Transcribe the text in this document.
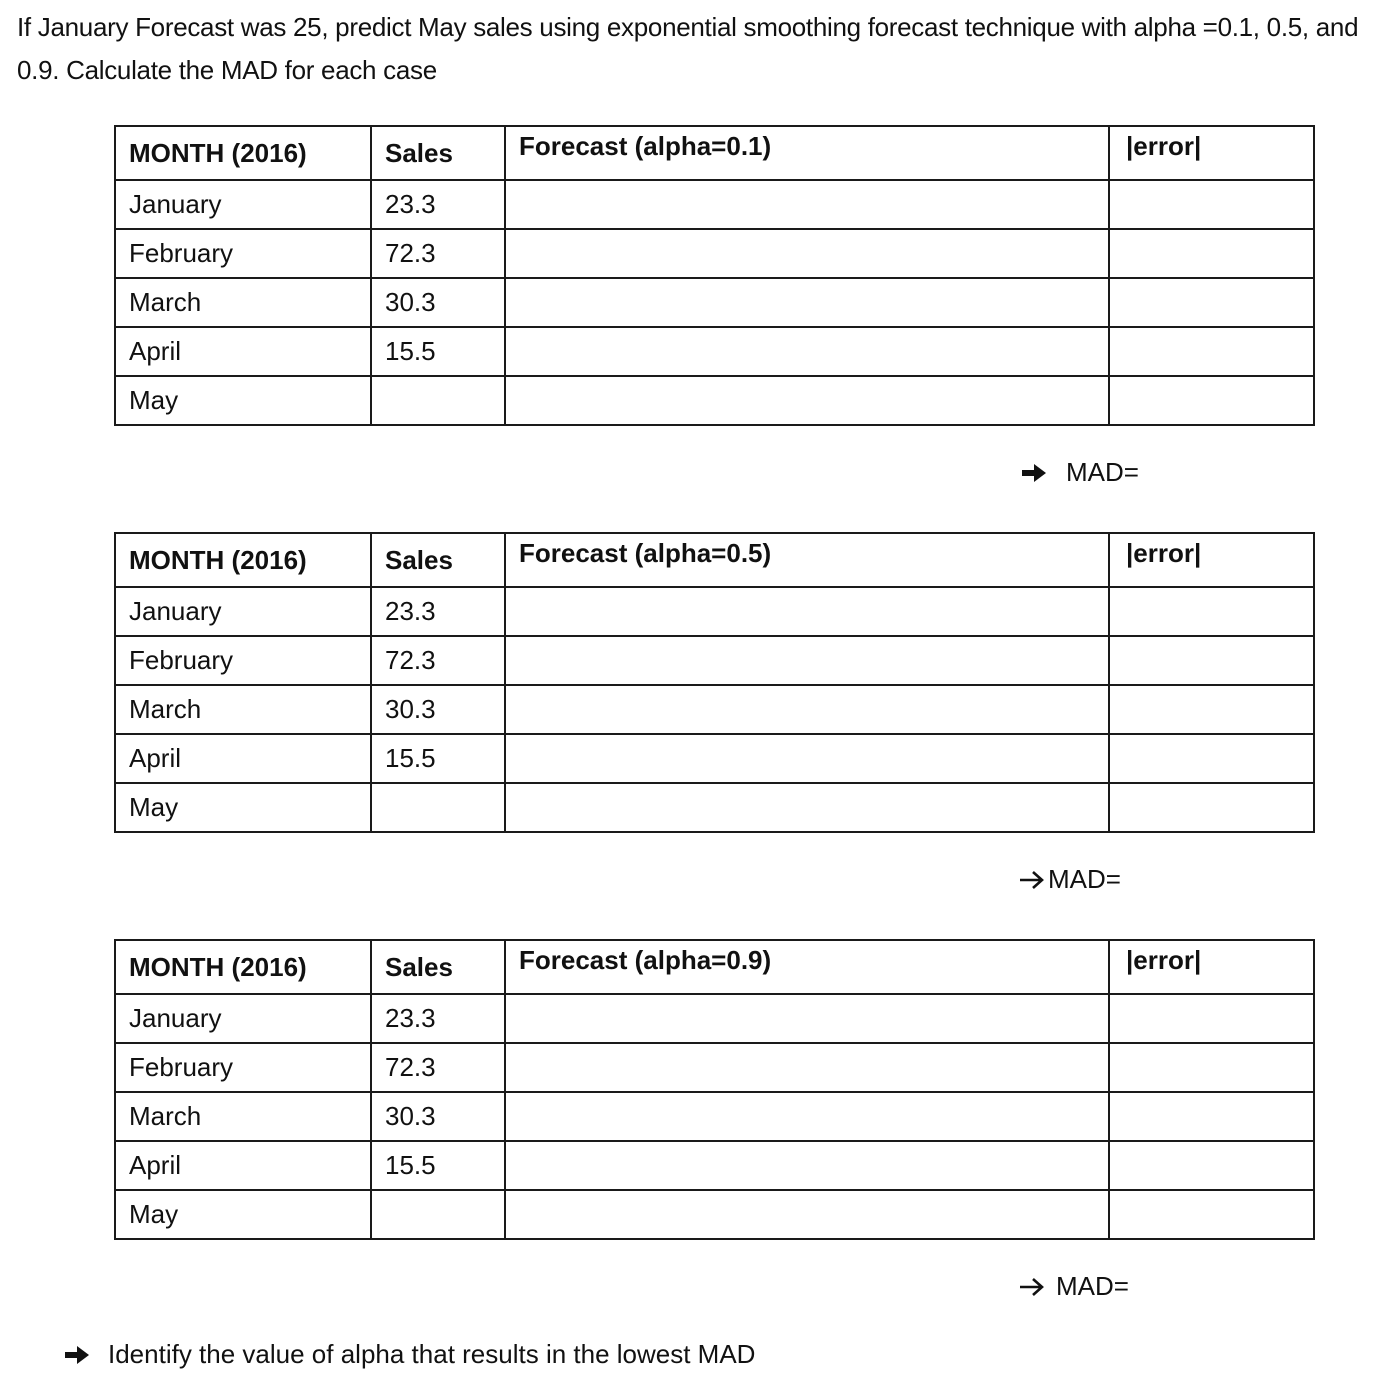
If January Forecast was 25, predict May sales using exponential smoothing forecast technique with alpha =0.1, 0.5, and 0.9. Calculate the MAD for each case
MONTH (2016)	Sales	Forecast (alpha=0.1)	|error|
January	23.3		
February	72.3		
March	30.3		
April	15.5		
May			
MAD=
MONTH (2016)	Sales	Forecast (alpha=0.5)	|error|
January	23.3		
February	72.3		
March	30.3		
April	15.5		
May			
MAD=
MONTH (2016)	Sales	Forecast (alpha=0.9)	|error|
January	23.3		
February	72.3		
March	30.3		
April	15.5		
May			
MAD=
Identify the value of alpha that results in the lowest MAD
